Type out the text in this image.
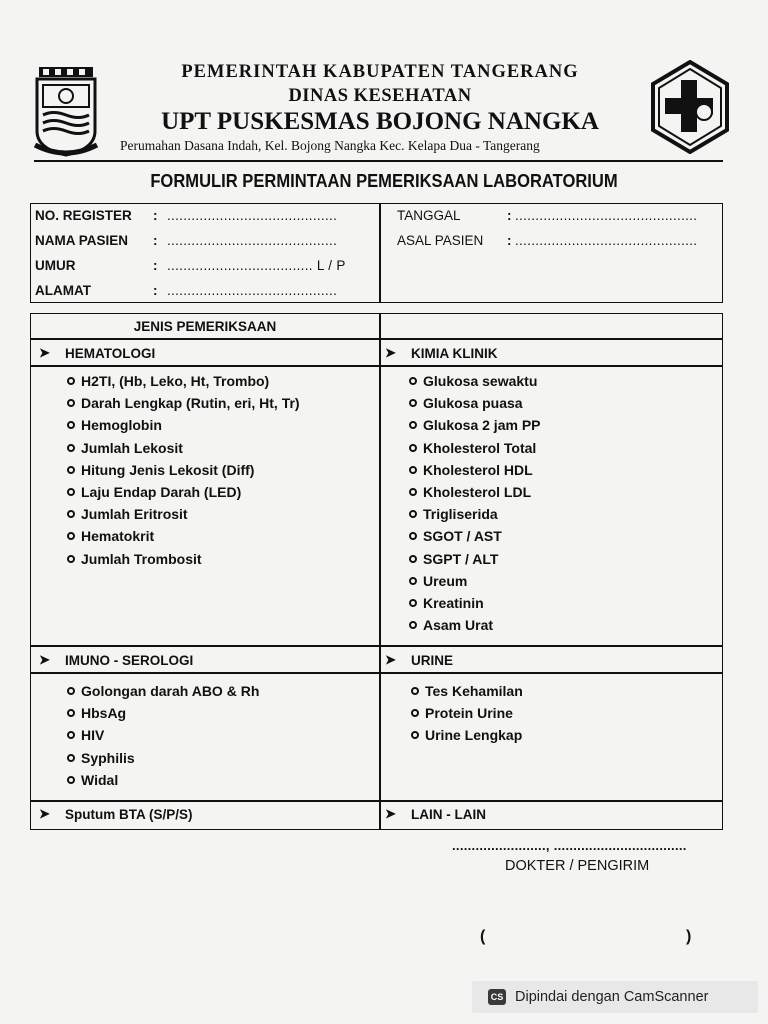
PEMERINTAH KABUPATEN TANGERANG
DINAS KESEHATAN
UPT PUSKESMAS BOJONG NANGKA
Perumahan Dasana Indah, Kel. Bojong Nangka Kec. Kelapa Dua - Tangerang
FORMULIR PERMINTAAN PEMERIKSAAN LABORATORIUM
NO. REGISTER : ..........................................
NAMA PASIEN : ..........................................
UMUR	: .................................... L / P
ALAMAT	: ..........................................
TANGGAL	: .............................................
ASAL PASIEN : .............................................
JENIS PEMERIKSAAN
➤ HEMATOLOGI	➤ KIMIA KLINIK
H2TI, (Hb, Leko, Ht, Trombo)
Darah Lengkap (Rutin, eri, Ht, Tr)
Hemoglobin
Jumlah Lekosit
Hitung Jenis Lekosit (Diff)
Laju Endap Darah (LED)
Jumlah Eritrosit
Hematokrit
Jumlah Trombosit
Glukosa sewaktu
Glukosa puasa
Glukosa 2 jam PP
Kholesterol Total
Kholesterol HDL
Kholesterol LDL
Trigliserida
SGOT / AST
SGPT / ALT
Ureum
Kreatinin
Asam Urat
➤ IMUNO - SEROLOGI	➤ URINE
Golongan darah ABO & Rh
HbsAg
HIV
Syphilis
Widal
Tes Kehamilan
Protein Urine
Urine Lengkap
➤ Sputum BTA (S/P/S)	➤ LAIN - LAIN
........................, ..................................
DOKTER / PENGIRIM
(	)
CS Dipindai dengan CamScanner
